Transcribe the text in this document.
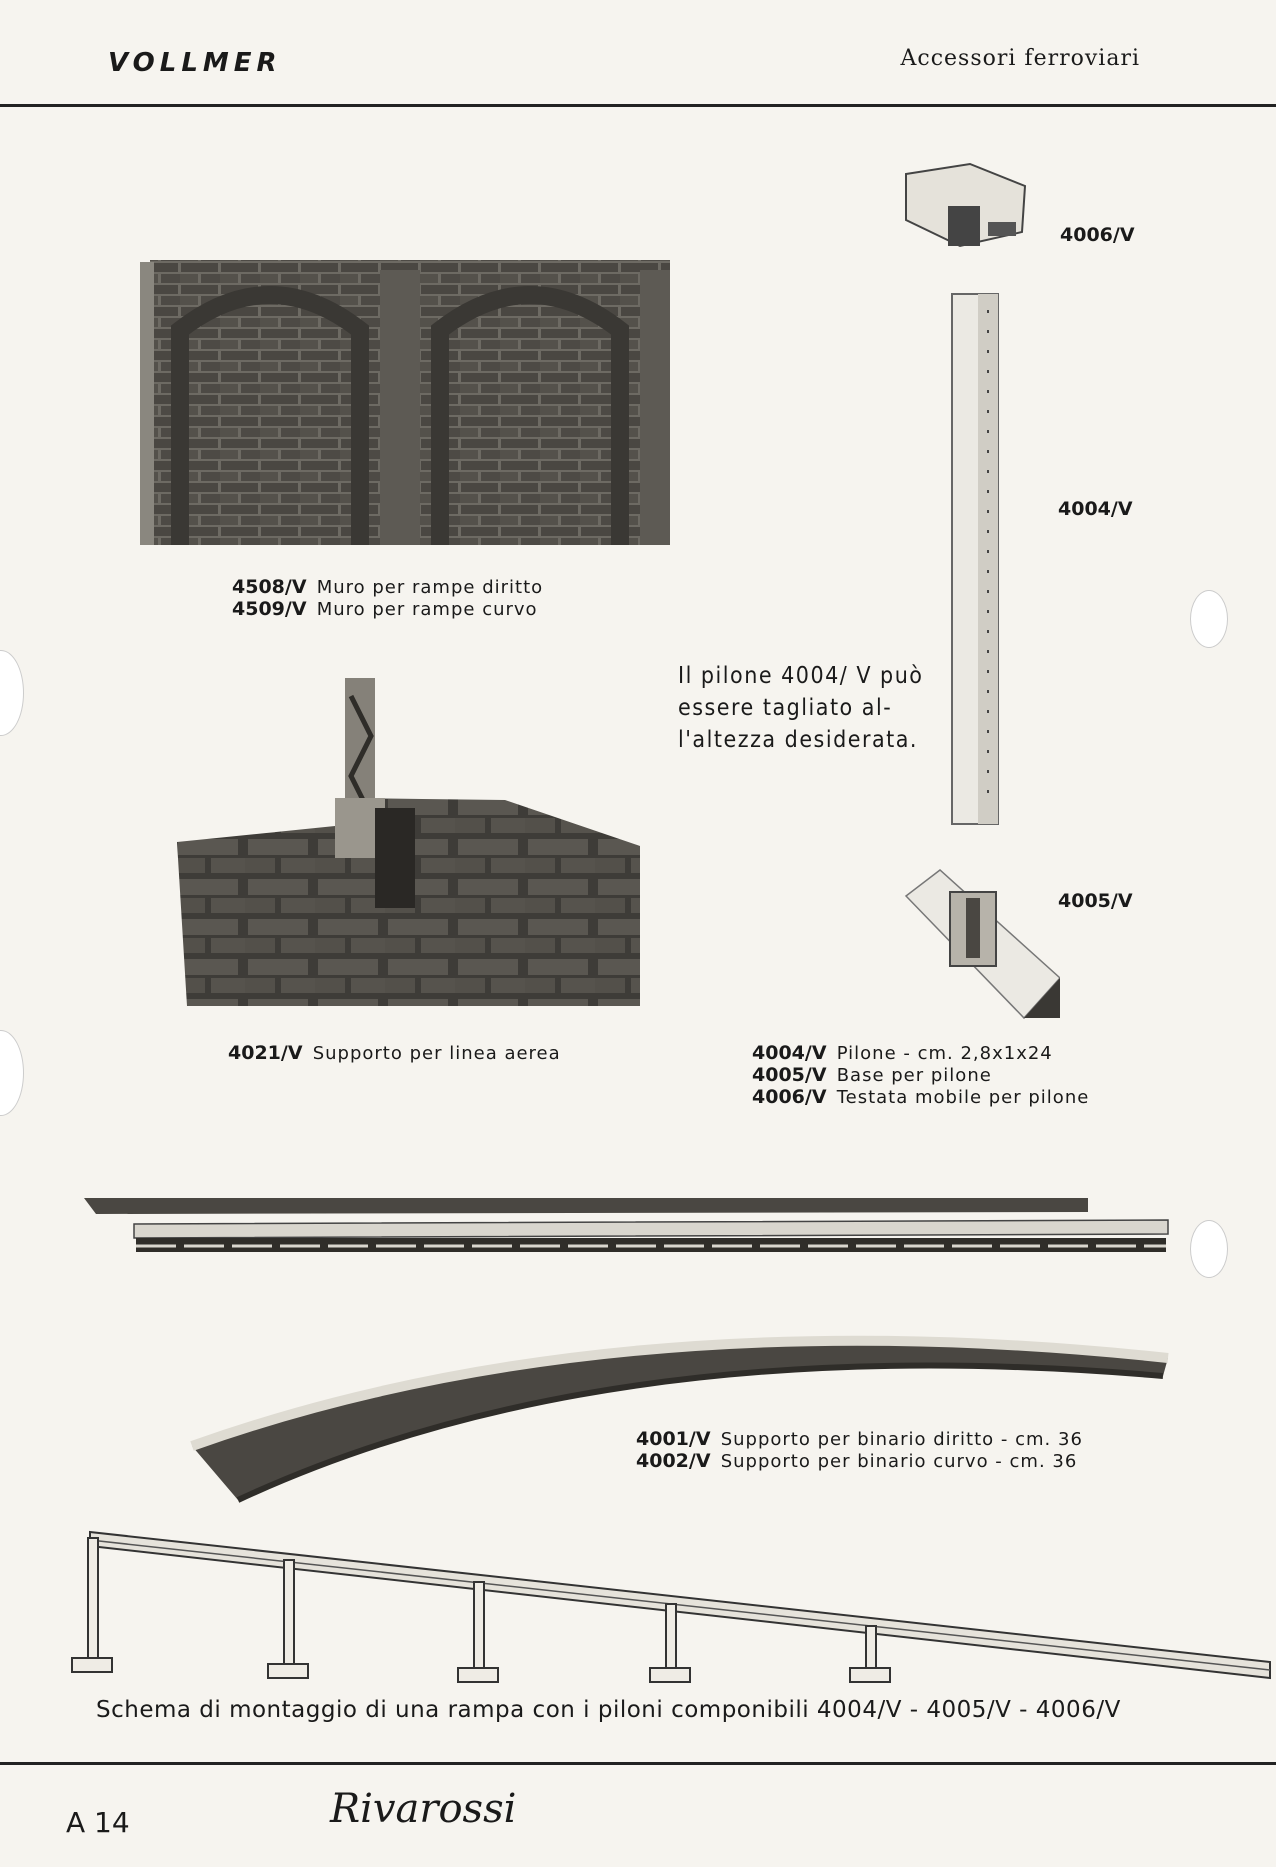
VOLLMER	Accessori ferroviari
4508/V Muro per rampe diritto
4509/V Muro per rampe curvo
4006/V
4004/V
Il pilone 4004/ V può
essere tagliato al-
l'altezza desiderata.
4021/V Supporto per linea aerea
4005/V
4004/V Pilone - cm. 2,8x1x24
4005/V Base per pilone
4006/V Testata mobile per pilone
4001/V Supporto per binario diritto - cm. 36
4002/V Supporto per binario curvo - cm. 36
Schema di montaggio di una rampa con i piloni componibili 4004/V - 4005/V - 4006/V
A 14	Rivarossi
